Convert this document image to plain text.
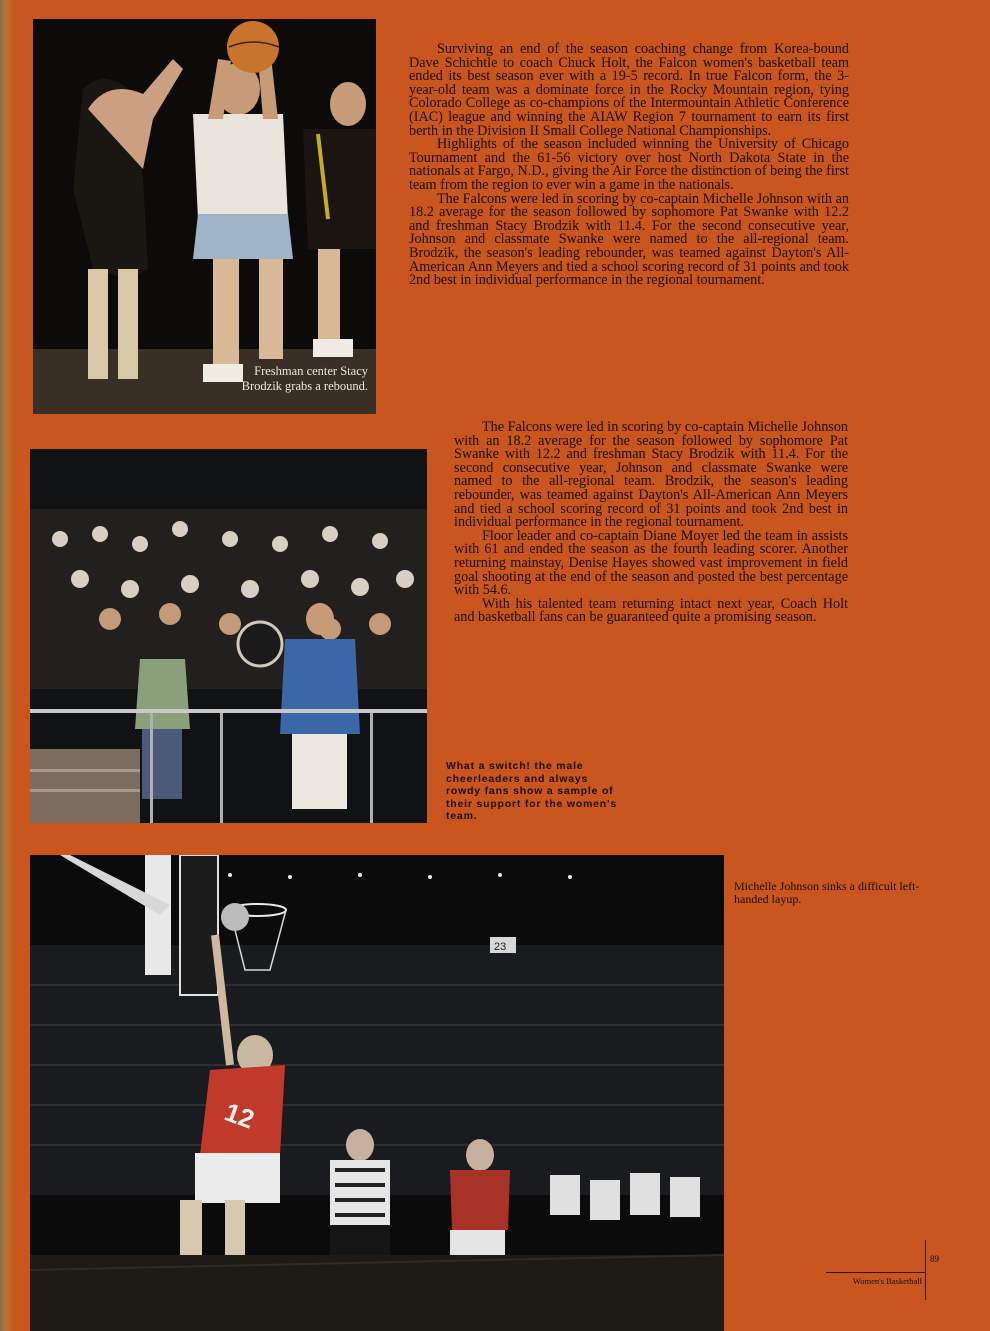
Freshman center Stacy Brodzik grabs a rebound.

Surviving an end of the season coaching change from Korea-bound Dave Schichtle to coach Chuck Holt, the Falcon women's basketball team ended its best season ever with a 19-5 record. In true Falcon form, the 3-year-old team was a dominate force in the Rocky Mountain region, tying Colorado College as co-champions of the Intermountain Athletic Conference (IAC) league and winning the AIAW Region 7 tournament to earn its first berth in the Division II Small College National Championships.

Highlights of the season included winning the University of Chicago Tournament and the 61-56 victory over host North Dakota State in the nationals at Fargo, N.D., giving the Air Force the distinction of being the first team from the region to ever win a game in the nationals.

The Falcons were led in scoring by co-captain Michelle Johnson with an 18.2 average for the season followed by sophomore Pat Swanke with 12.2 and freshman Stacy Brodzik with 11.4. For the second consecutive year, Johnson and classmate Swanke were named to the all-regional team. Brodzik, the season's leading rebounder, was teamed against Dayton's All-American Ann Meyers and tied a school scoring record of 31 points and took 2nd best in individual performance in the regional tournament.

The Falcons were led in scoring by co-captain Michelle Johnson with an 18.2 average for the season followed by sophomore Pat Swanke with 12.2 and freshman Stacy Brodzik with 11.4. For the second consecutive year, Johnson and classmate Swanke were named to the all-regional team. Brodzik, the season's leading rebounder, was teamed against Dayton's All-American Ann Meyers and tied a school scoring record of 31 points and took 2nd best in individual performance in the regional tournament.

Floor leader and co-captain Diane Moyer led the team in assists with 61 and ended the season as the fourth leading scorer. Another returning mainstay, Denise Hayes showed vast improvement in field goal shooting at the end of the season and posted the best percentage with 54.6.

With his talented team returning intact next year, Coach Holt and basketball fans can be guaranteed quite a promising season.

What a switch! the male cheerleaders and always rowdy fans show a sample of their support for the women's team.
23
12
Michelle Johnson sinks a difficult left-handed layup.
89
Women's Basketball
